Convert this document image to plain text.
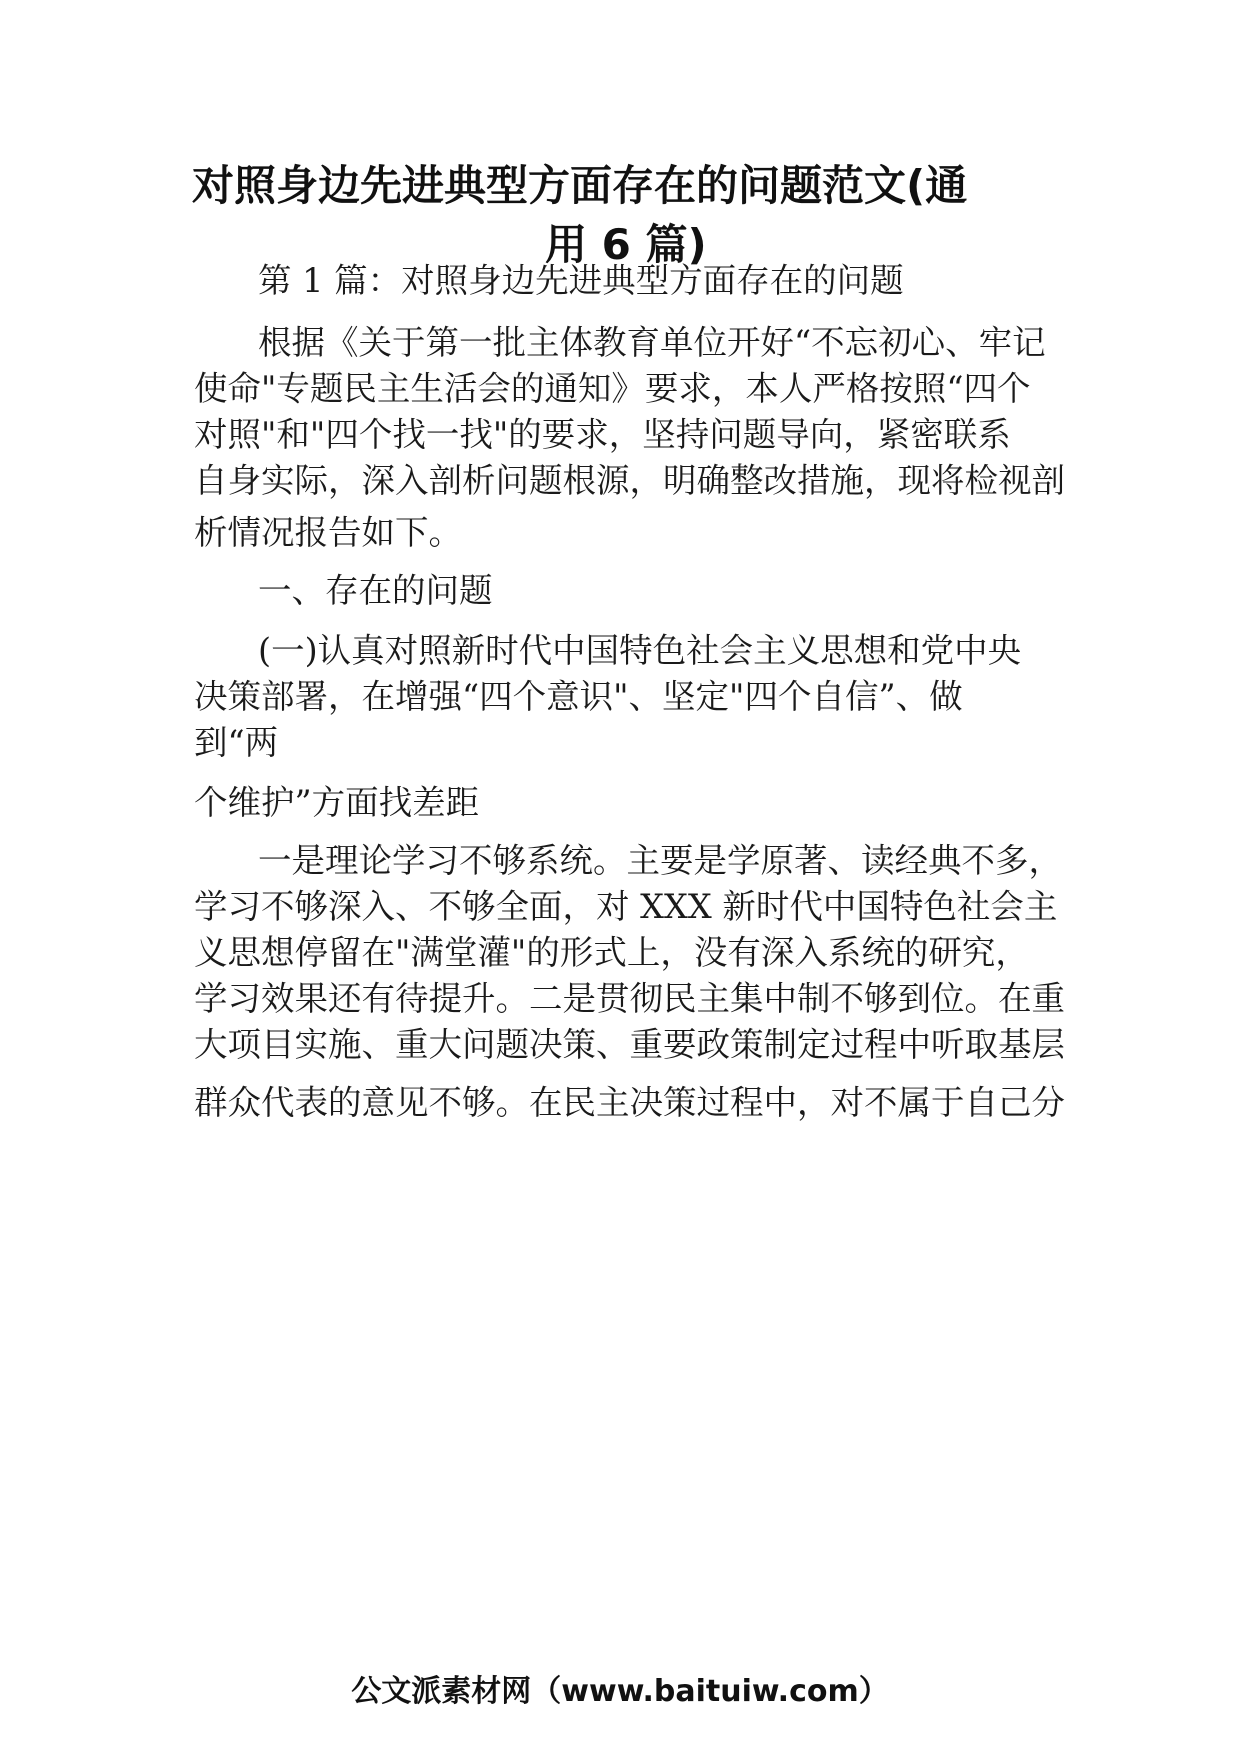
对照身边先进典型方面存在的问题范文(通
用 6 篇)

第 1 篇：对照身边先进典型方面存在的问题

根据《关于第一批主体教育单位开好“不忘初心、牢记

使命"专题民主生活会的通知》要求，本人严格按照“四个

对照"和"四个找一找"的要求，坚持问题导向，紧密联系

自身实际，深入剖析问题根源，明确整改措施，现将检视剖

析情况报告如下。

一、存在的问题

(一)认真对照新时代中国特色社会主义思想和党中央

决策部署，在增强“四个意识"、坚定"四个自信”、做

到“两

个维护”方面找差距

一是理论学习不够系统。主要是学原著、读经典不多，

学习不够深入、不够全面，对 XXX 新时代中国特色社会主

义思想停留在"满堂灌"的形式上，没有深入系统的研究，

学习效果还有待提升。二是贯彻民主集中制不够到位。在重

大项目实施、重大问题决策、重要政策制定过程中听取基层

群众代表的意见不够。在民主决策过程中，对不属于自己分

公文派素材网（www.baituiw.com）
